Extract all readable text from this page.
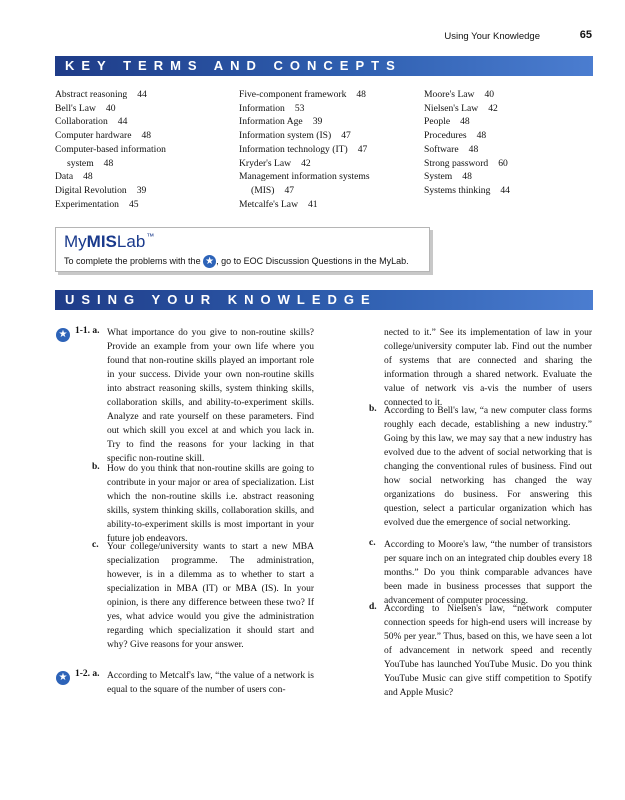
Using Your Knowledge	65
KEY TERMS AND CONCEPTS
Abstract reasoning 44
Bell's Law 40
Collaboration 44
Computer hardware 48
Computer-based information
system 48
Data 48
Digital Revolution 39
Experimentation 45
Five-component framework 48
Information 53
Information Age 39
Information system (IS) 47
Information technology (IT) 47
Kryder's Law 42
Management information systems
(MIS) 47
Metcalfe's Law 41
Moore's Law 40
Nielsen's Law 42
People 48
Procedures 48
Software 48
Strong password 60
System 48
Systems thinking 44
MyMISLab™
To complete the problems with the ★ , go to EOC Discussion Questions in the MyLab.
USING YOUR KNOWLEDGE
★ 1-1. a. What importance do you give to non-routine skills? Provide an example from your own life where you found that non-routine skills played an important role in your success. Divide your own non-routine skills into abstract reasoning skills, system thinking skills, collaboration skills, and ability-to-experiment skills. Analyze and rate yourself on these parameters. Find out which skill you excel at and which you lack in. Try to find the reasons for your lacking in that specific non-routine skill.

b. How do you think that non-routine skills are going to contribute in your major or area of specialization. List which the non-routine skills i.e. abstract reasoning skills, system thinking skills, collaboration skills, and ability-to-experiment skills is most important in your future job endeavors.

c. Your college/university wants to start a new MBA specialization programme. The administration, however, is in a dilemma as to whether to start a specialization in MBA (IT) or MBA (IS). In your opinion, is there any difference between these two? If yes, what advice would you give the administration regarding which specialization it should start and why? Give reasons for your answer.

★ 1-2. a. According to Metcalf's law, “the value of a network is equal to the square of the number of users con-

nected to it.” See its implementation of law in your college/university computer lab. Find out the number of systems that are connected and sharing the information through a shared network. Evaluate the value of network vis a-vis the number of users connected to it.

b. According to Bell's law, “a new computer class forms roughly each decade, establishing a new industry.” Going by this law, we may say that a new industry has evolved due to the advent of social networking that is changing the conventional rules of business. Find out how social networking has changed the way organizations do business. For answering this question, select a particular organization which has evolved due the emergence of social networking.

c. According to Moore's law, “the number of transistors per square inch on an integrated chip doubles every 18 months.” Do you think comparable advances have been made in business processes that support the advancement of computer processing.

d. According to Nielsen's law, “network computer connection speeds for high-end users will increase by 50% per year.” Thus, based on this, we have seen a lot of advancement in network speed and recently YouTube has launched YouTube Music. Do you think YouTube Music can give stiff competition to Spotify and Apple Music?
